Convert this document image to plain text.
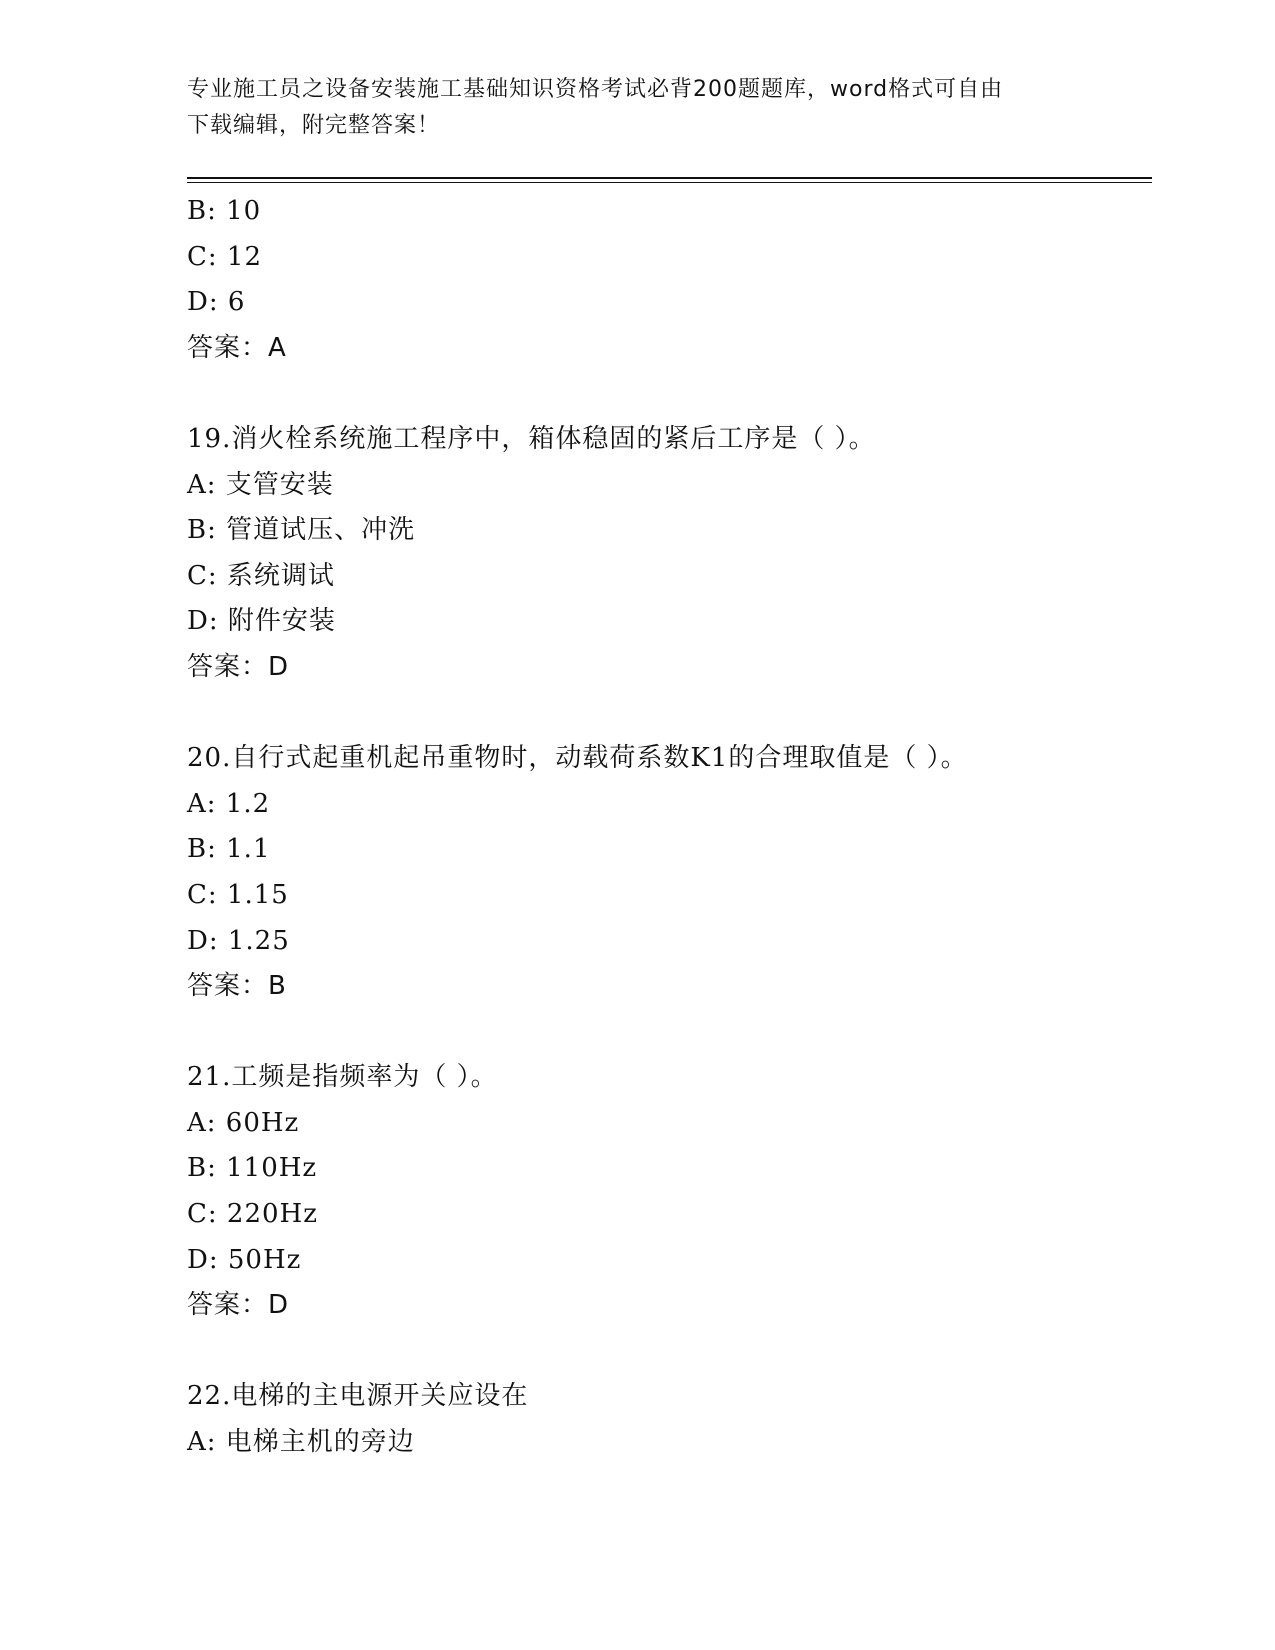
专业施工员之设备安装施工基础知识资格考试必背200题题库，word格式可自由
下载编辑，附完整答案！
B: 10
C: 12
D: 6
答案：A
19.消火栓系统施工程序中，箱体稳固的紧后工序是（ ）。
A: 支管安装
B: 管道试压、冲洗
C: 系统调试
D: 附件安装
答案：D
20.自行式起重机起吊重物时，动载荷系数K1的合理取值是（ ）。
A: 1.2
B: 1.1
C: 1.15
D: 1.25
答案：B
21.工频是指频率为（ ）。
A: 60Hz
B: 110Hz
C: 220Hz
D: 50Hz
答案：D
22.电梯的主电源开关应设在
A: 电梯主机的旁边
